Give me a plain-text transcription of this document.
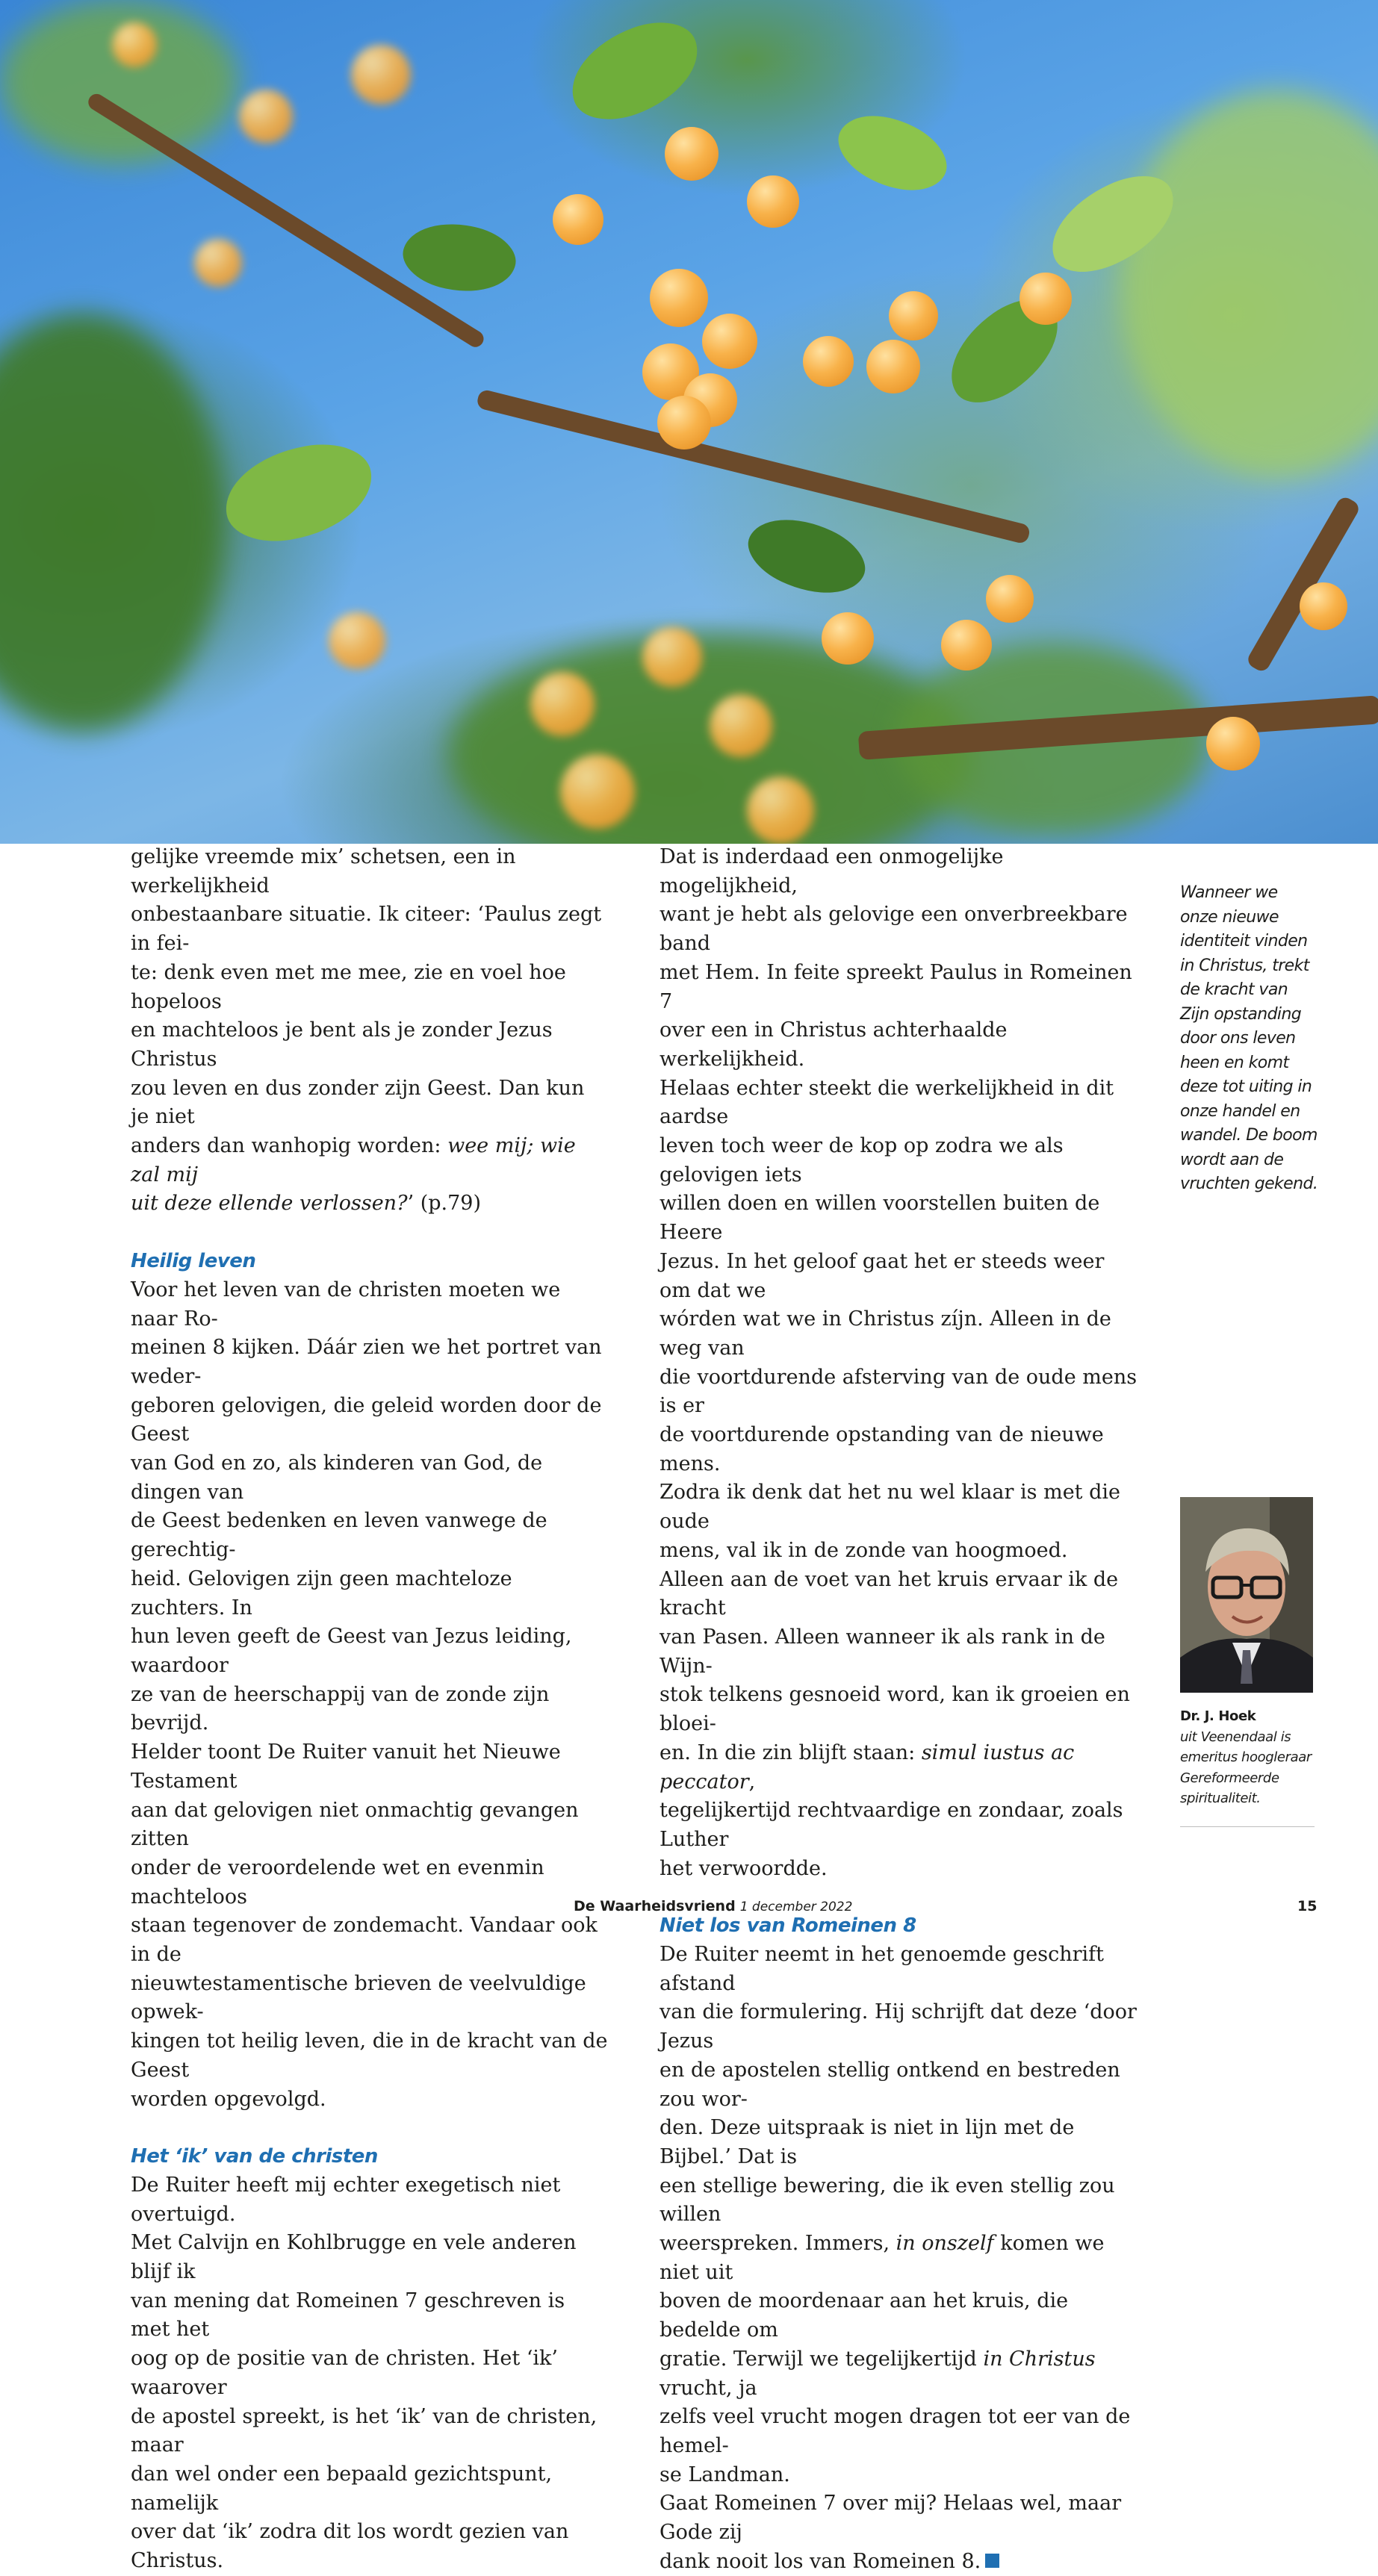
gelijke vreemde mix’ schetsen, een in werkelijkheid
onbestaanbare situatie. Ik citeer: ‘Paulus zegt in fei-
te: denk even met me mee, zie en voel hoe hopeloos
en machteloos je bent als je zonder Jezus Christus
zou leven en dus zonder zijn Geest. Dan kun je niet
anders dan wanhopig worden: wee mij; wie zal mij
uit deze ellende verlossen?’ (p.79)

Heilig leven

Voor het leven van de christen moeten we naar Ro-
meinen 8 kijken. Dáár zien we het portret van weder-
geboren gelovigen, die geleid worden door de Geest
van God en zo, als kinderen van God, de dingen van
de Geest bedenken en leven vanwege de gerechtig-
heid. Gelovigen zijn geen machteloze zuchters. In
hun leven geeft de Geest van Jezus leiding, waardoor
ze van de heerschappij van de zonde zijn bevrijd.
Helder toont De Ruiter vanuit het Nieuwe Testament
aan dat gelovigen niet onmachtig gevangen zitten
onder de veroordelende wet en evenmin machteloos
staan tegenover de zondemacht. Vandaar ook in de
nieuwtestamentische brieven de veelvuldige opwek-
kingen tot heilig leven, die in de kracht van de Geest
worden opgevolgd.

Het ‘ik’ van de christen

De Ruiter heeft mij echter exegetisch niet overtuigd.
Met Calvijn en Kohlbrugge en vele anderen blijf ik
van mening dat Romeinen 7 geschreven is met het
oog op de positie van de christen. Het ‘ik’ waarover
de apostel spreekt, is het ‘ik’ van de christen, maar
dan wel onder een bepaald gezichtspunt, namelijk
over dat ‘ik’ zodra dit los wordt gezien van Christus.

Dat is inderdaad een onmogelijke mogelijkheid,
want je hebt als gelovige een onverbreekbare band
met Hem. In feite spreekt Paulus in Romeinen 7
over een in Christus achterhaalde werkelijkheid.
Helaas echter steekt die werkelijkheid in dit aardse
leven toch weer de kop op zodra we als gelovigen iets
willen doen en willen voorstellen buiten de Heere
Jezus. In het geloof gaat het er steeds weer om dat we
wórden wat we in Christus zíjn. Alleen in de weg van
die voortdurende afsterving van de oude mens is er
de voortdurende opstanding van de nieuwe mens.
Zodra ik denk dat het nu wel klaar is met die oude
mens, val ik in de zonde van hoogmoed.

Alleen aan de voet van het kruis ervaar ik de kracht
van Pasen. Alleen wanneer ik als rank in de Wijn-
stok telkens gesnoeid word, kan ik groeien en bloei-
en. In die zin blijft staan: simul iustus ac peccator,
tegelijkertijd rechtvaardige en zondaar, zoals Luther
het verwoordde.

Niet los van Romeinen 8

De Ruiter neemt in het genoemde geschrift afstand
van die formulering. Hij schrijft dat deze ‘door Jezus
en de apostelen stellig ontkend en bestreden zou wor-
den. Deze uitspraak is niet in lijn met de Bijbel.’ Dat is
een stellige bewering, die ik even stellig zou willen
weerspreken. Immers, in onszelf komen we niet uit
boven de moordenaar aan het kruis, die bedelde om
gratie. Terwijl we tegelijkertijd in Christus vrucht, ja
zelfs veel vrucht mogen dragen tot eer van de hemel-
se Landman.

Gaat Romeinen 7 over mij? Helaas wel, maar Gode zij
dank nooit los van Romeinen 8.

Wanneer we
onze nieuwe
identiteit vinden
in Christus, trekt
de kracht van
Zijn opstanding
door ons leven
heen en komt
deze tot uiting in
onze handel en
wandel. De boom
wordt aan de
vruchten gekend.
Dr. J. Hoek
uit Veenendaal is
emeritus hoogleraar
Gereformeerde
spiritualiteit.
De Waarheidsvriend 1 december 2022	15
